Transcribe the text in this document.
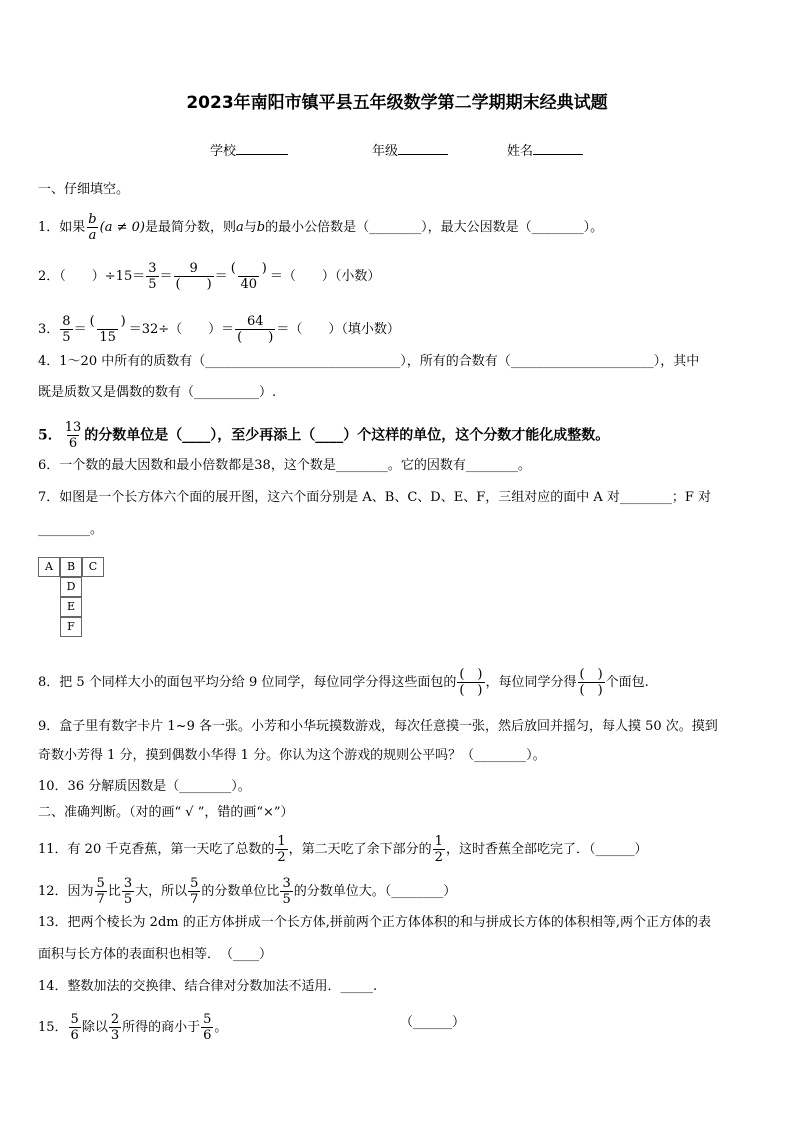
2023年南阳市镇平县五年级数学第二学期期末经典试题
学校	年级	姓名
一、仔细填空。
1．如果 $\frac{b}{a} (a \ne 0)$是最简分数，则a与b的最小公倍数是（________），最大公因数是（________）。
2．（　　）$\div 15= \frac{3}{5} = \frac{9}{( )} = \frac{( )}{40}$ ＝（　　）（小数）
3． $\frac{8}{5} = \frac{( )}{15} =32\div$（　　）＝ $\frac{64}{( )}$ ＝（　　）（填小数）
4．1～20 中所有的质数有（______________________________），所有的合数有（______________________），其中
既是质数又是偶数的数有（__________）.
5． $\frac{13}{6}$ 的分数单位是（____），至少再添上（____）个这样的单位，这个分数才能化成整数。
6．一个数的最大因数和最小倍数都是38，这个数是________。它的因数有________。
7．如图是一个长方体六个面的展开图，这六个面分别是 A、B、C、D、E、F，三组对应的面中 A 对________；F 对
________。
A	B	C
D
E
F
8．把 5 个同样大小的面包平均分给 9 位同学，每位同学分得这些面包的 $\frac{( )}{( )}$ ，每位同学分得 $\frac{( )}{( )}$ 个面包.
9．盒子里有数字卡片 1~9 各一张。小芳和小华玩摸数游戏，每次任意摸一张，然后放回并摇匀，每人摸 50 次。摸到
奇数小芳得 1 分，摸到偶数小华得 1 分。你认为这个游戏的规则公平吗？（________）。
10．36 分解质因数是（________）。
二、准确判断。（对的画“ √ ”，错的画“×”）
11．有 20 千克香蕉，第一天吃了总数的 $\frac{1}{2}$ ，第二天吃了余下部分的 $\frac{1}{2}$ ，这时香蕉全部吃完了．（______）
12．因为 $\frac{5}{7}$ 比 $\frac{3}{5}$ 大，所以 $\frac{5}{7}$ 的分数单位比 $\frac{3}{5}$ 的分数单位大。（________）
13．把两个棱长为 2dm 的正方体拼成一个长方体,拼前两个正方体体积的和与拼成长方体的体积相等,两个正方体的表
面积与长方体的表面积也相等．　（____）
14．整数加法的交换律、结合律对分数加法不适用．_____.
15． $\frac{5}{6}$ 除以 $\frac{2}{3}$ 所得的商小于 $\frac{5}{6}$ 。	（______）
